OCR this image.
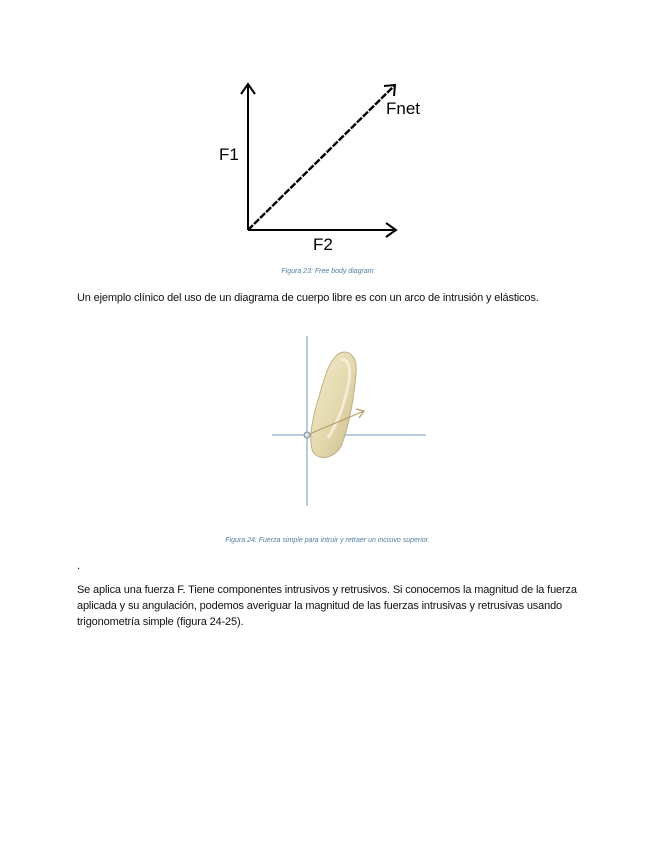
F1
F2
Fnet
Figura 23: Free body diagram
Un ejemplo clínico del uso de un diagrama de cuerpo libre es con un arco de intrusión y elásticos.
Figura 24: Fuerza simple para intruir y retraer un incisivo superior.
.
Se aplica una fuerza F. Tiene componentes intrusivos y retrusivos. Si conocemos la magnitud de la fuerza aplicada y su angulación, podemos averiguar la magnitud de las fuerzas intrusivas y retrusivas usando trigonometría simple (figura 24-25).
